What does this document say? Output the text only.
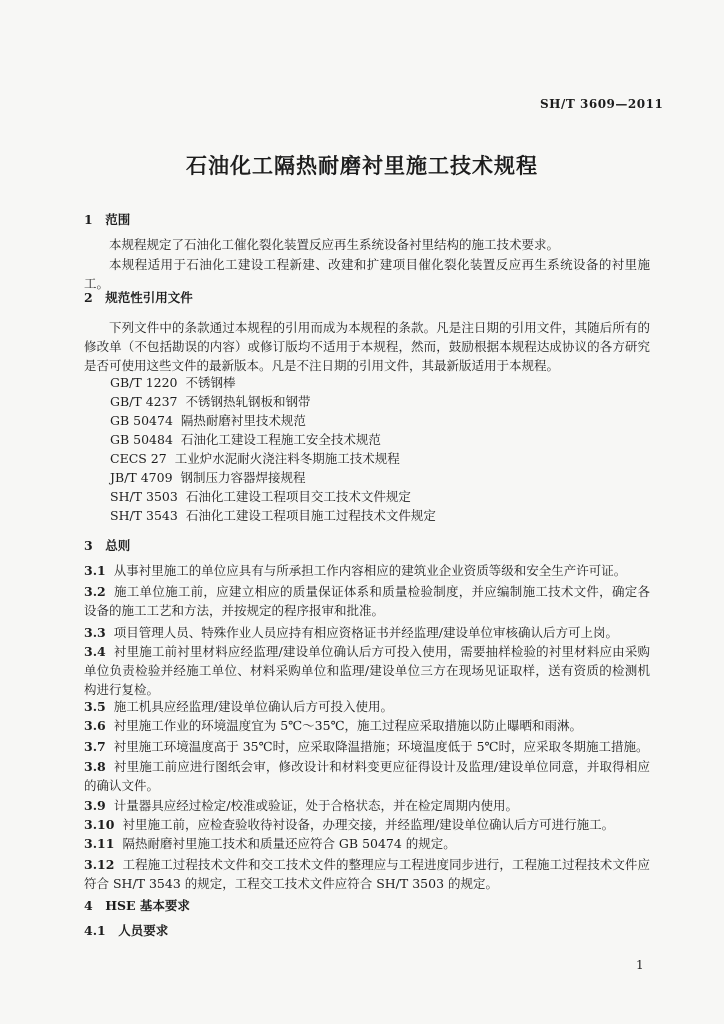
SH/T 3609—2011
石油化工隔热耐磨衬里施工技术规程
1　范围
本规程规定了石油化工催化裂化装置反应再生系统设备衬里结构的施工技术要求。
本规程适用于石油化工建设工程新建、改建和扩建项目催化裂化装置反应再生系统设备的衬里施工。
2　规范性引用文件
下列文件中的条款通过本规程的引用而成为本规程的条款。凡是注日期的引用文件，其随后所有的修改单（不包括勘误的内容）或修订版均不适用于本规程，然而，鼓励根据本规程达成协议的各方研究是否可使用这些文件的最新版本。凡是不注日期的引用文件，其最新版适用于本规程。
GB/T 1220 不锈钢棒
GB/T 4237 不锈钢热轧钢板和钢带
GB 50474 隔热耐磨衬里技术规范
GB 50484 石油化工建设工程施工安全技术规范
CECS 27 工业炉水泥耐火浇注料冬期施工技术规程
JB/T 4709 钢制压力容器焊接规程
SH/T 3503 石油化工建设工程项目交工技术文件规定
SH/T 3543 石油化工建设工程项目施工过程技术文件规定
3　总则
3.1 从事衬里施工的单位应具有与所承担工作内容相应的建筑业企业资质等级和安全生产许可证。
3.2 施工单位施工前，应建立相应的质量保证体系和质量检验制度，并应编制施工技术文件，确定各设备的施工工艺和方法，并按规定的程序报审和批准。
3.3 项目管理人员、特殊作业人员应持有相应资格证书并经监理/建设单位审核确认后方可上岗。
3.4 衬里施工前衬里材料应经监理/建设单位确认后方可投入使用，需要抽样检验的衬里材料应由采购单位负责检验并经施工单位、材料采购单位和监理/建设单位三方在现场见证取样，送有资质的检测机构进行复检。
3.5 施工机具应经监理/建设单位确认后方可投入使用。
3.6 衬里施工作业的环境温度宜为 5℃～35℃，施工过程应采取措施以防止曝晒和雨淋。
3.7 衬里施工环境温度高于 35℃时，应采取降温措施；环境温度低于 5℃时，应采取冬期施工措施。
3.8 衬里施工前应进行图纸会审，修改设计和材料变更应征得设计及监理/建设单位同意，并取得相应的确认文件。
3.9 计量器具应经过检定/校准或验证，处于合格状态，并在检定周期内使用。
3.10 衬里施工前，应检查验收待衬设备，办理交接，并经监理/建设单位确认后方可进行施工。
3.11 隔热耐磨衬里施工技术和质量还应符合 GB 50474 的规定。
3.12 工程施工过程技术文件和交工技术文件的整理应与工程进度同步进行，工程施工过程技术文件应符合 SH/T 3543 的规定，工程交工技术文件应符合 SH/T 3503 的规定。
4　HSE 基本要求
4.1　人员要求
1
